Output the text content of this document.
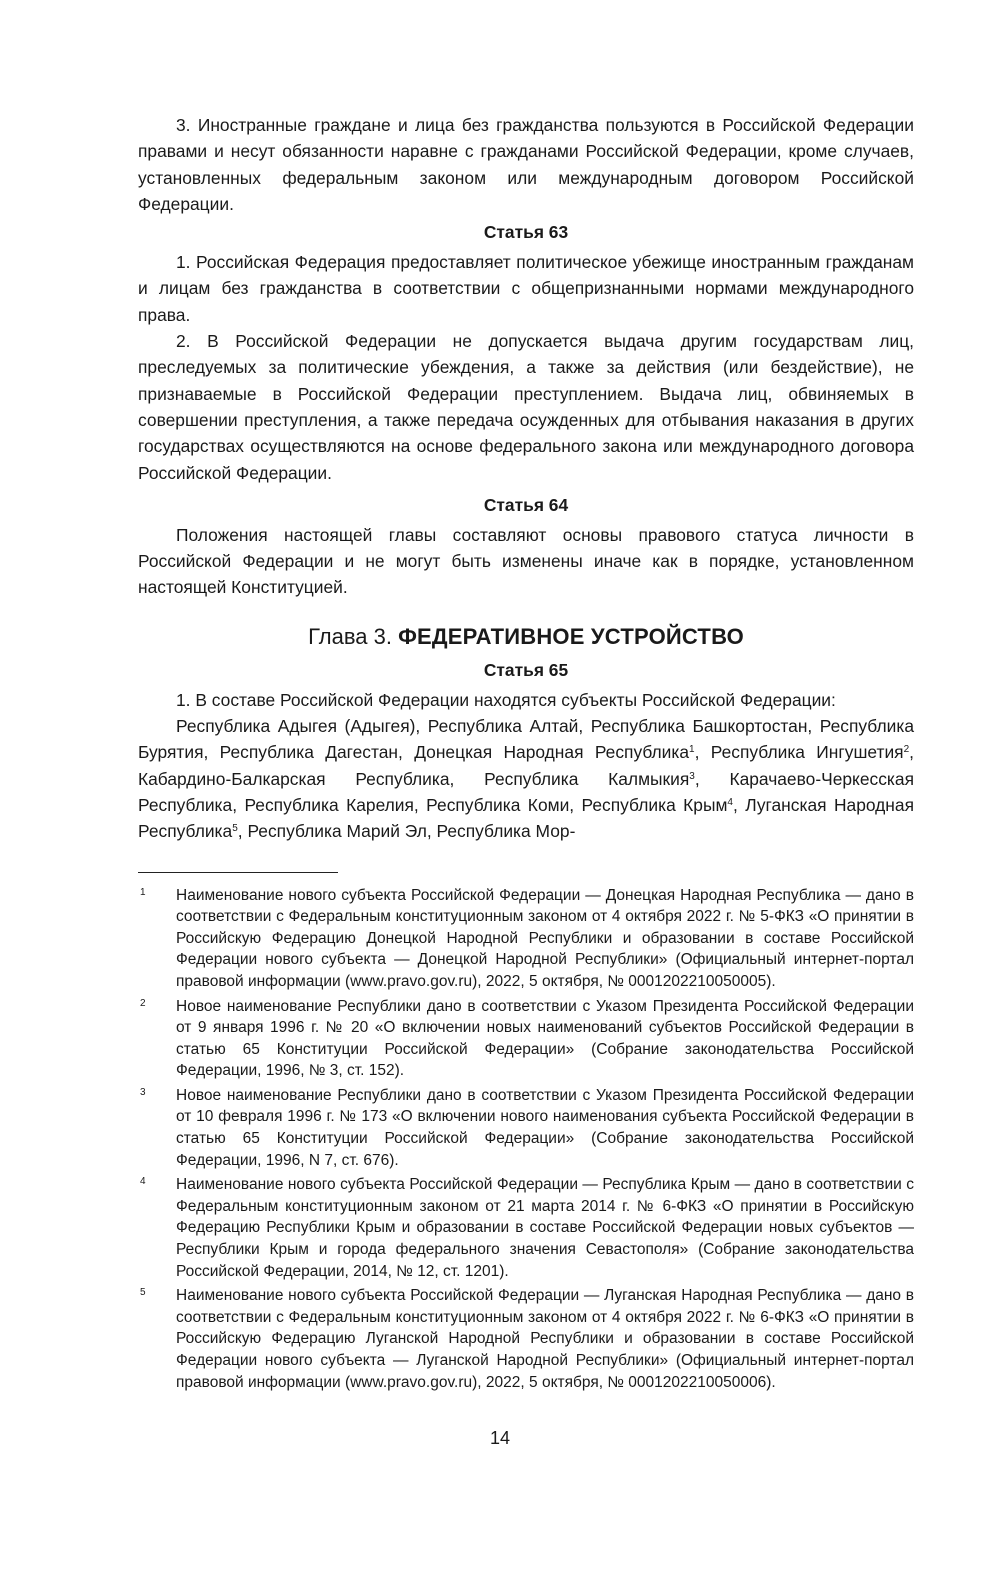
3. Иностранные граждане и лица без гражданства пользуются в Российской Федерации правами и несут обязанности наравне с гражданами Российской Федерации, кроме случаев, установленных федеральным законом или международным договором Российской Федерации.

Статья 63

1. Российская Федерация предоставляет политическое убежище иностранным гражданам и лицам без гражданства в соответствии с общепризнанными нормами международного права.

2. В Российской Федерации не допускается выдача другим государствам лиц, преследуемых за политические убеждения, а также за действия (или бездействие), не признаваемые в Российской Федерации преступлением. Выдача лиц, обвиняемых в совершении преступления, а также передача осужденных для отбывания наказания в других государствах осуществляются на основе федерального закона или международного договора Российской Федерации.

Статья 64

Положения настоящей главы составляют основы правового статуса личности в Российской Федерации и не могут быть изменены иначе как в порядке, установленном настоящей Конституцией.

Глава 3. ФЕДЕРАТИВНОЕ УСТРОЙСТВО
Статья 65

1. В составе Российской Федерации находятся субъекты Российской Федерации:

Республика Адыгея (Адыгея), Республика Алтай, Республика Башкортостан, Республика Бурятия, Республика Дагестан, Донецкая Народная Республика$^1$, Республика Ингушетия$^2$, Кабардино-Балкарская Республика, Республика Калмыкия$^3$, Карачаево-Черкесская Республика, Республика Карелия, Республика Коми, Республика Крым$^4$, Луганская Народная Республика$^5$, Республика Марий Эл, Республика Мор-

1 Наименование нового субъекта Российской Федерации — Донецкая Народная Республика — дано в соответствии с Федеральным конституционным законом от 4 октября 2022 г. № 5-ФКЗ «О принятии в Российскую Федерацию Донецкой Народной Республики и образовании в составе Российской Федерации нового субъекта — Донецкой Народной Республики» (Официальный интернет-портал правовой информации (www.pravo.gov.ru), 2022, 5 октября, № 0001202210050005).
2 Новое наименование Республики дано в соответствии с Указом Президента Российской Федерации от 9 января 1996 г. № 20 «О включении новых наименований субъектов Российской Федерации в статью 65 Конституции Российской Федерации» (Собрание законодательства Российской Федерации, 1996, № 3, ст. 152).
3 Новое наименование Республики дано в соответствии с Указом Президента Российской Федерации от 10 февраля 1996 г. № 173 «О включении нового наименования субъекта Российской Федерации в статью 65 Конституции Российской Федерации» (Собрание законодательства Российской Федерации, 1996, N 7, ст. 676).
4 Наименование нового субъекта Российской Федерации — Республика Крым — дано в соответствии с Федеральным конституционным законом от 21 марта 2014 г. № 6-ФКЗ «О принятии в Российскую Федерацию Республики Крым и образовании в составе Российской Федерации новых субъектов — Республики Крым и города федерального значения Севастополя» (Собрание законодательства Российской Федерации, 2014, № 12, ст. 1201).
5 Наименование нового субъекта Российской Федерации — Луганская Народная Республика — дано в соответствии с Федеральным конституционным законом от 4 октября 2022 г. № 6-ФКЗ «О принятии в Российскую Федерацию Луганской Народной Республики и образовании в составе Российской Федерации нового субъекта — Луганской Народной Республики» (Официальный интернет-портал правовой информации (www.pravo.gov.ru), 2022, 5 октября, № 0001202210050006).
14
